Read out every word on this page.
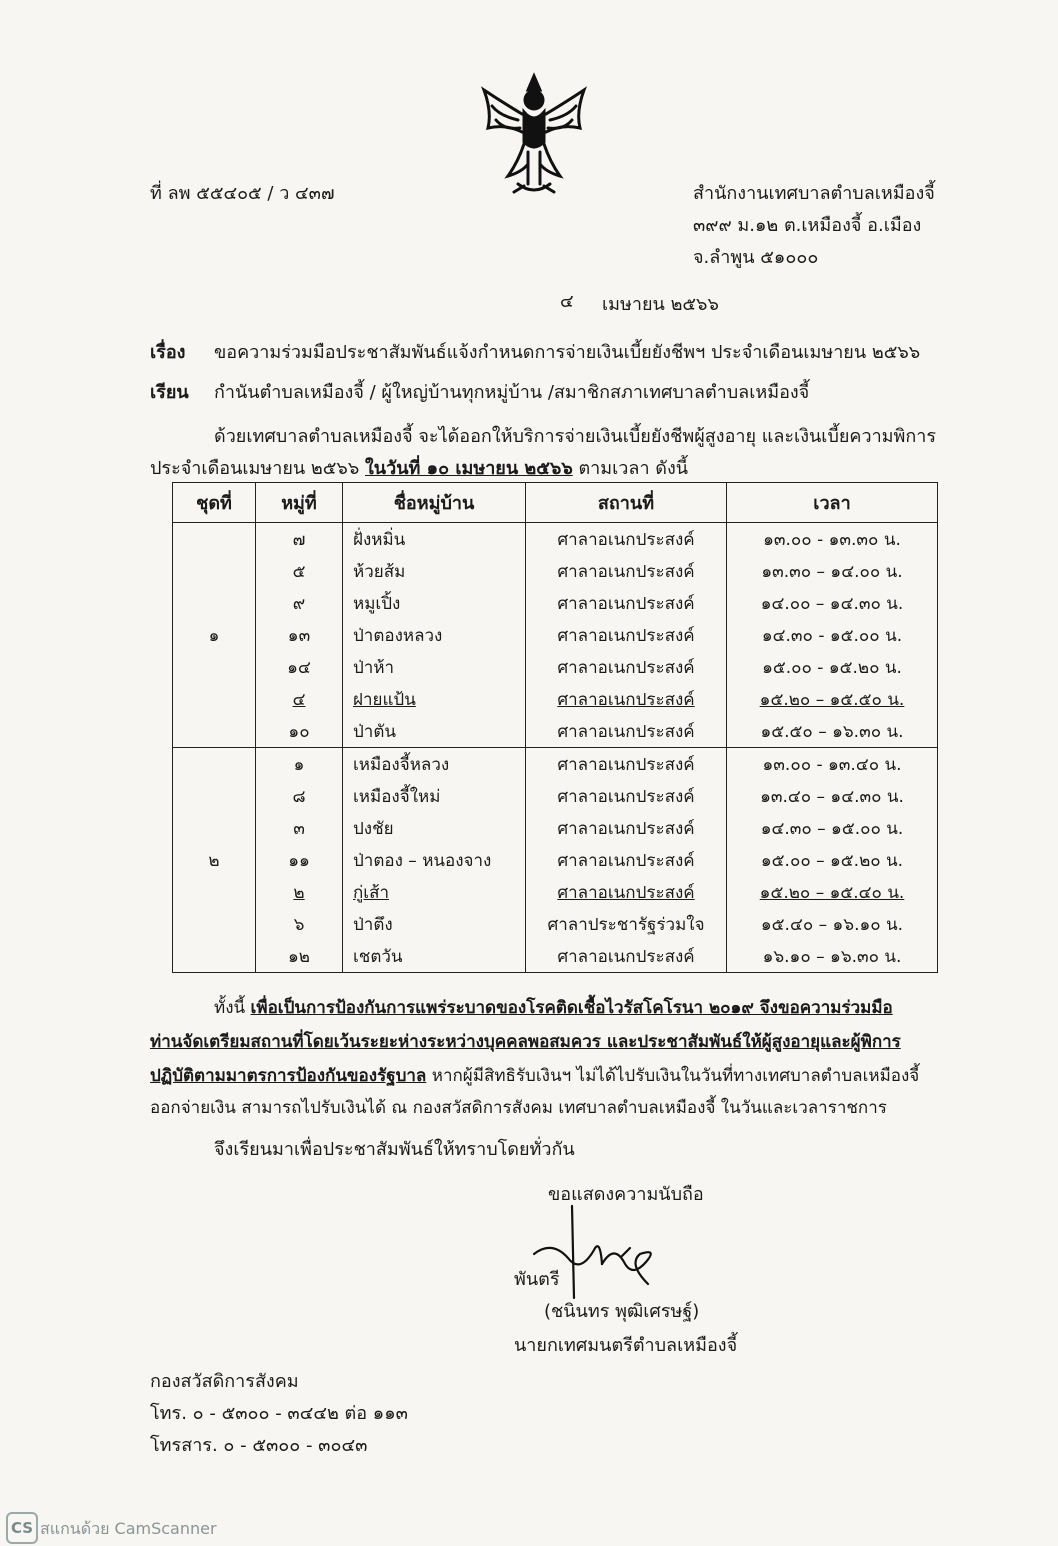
ที่ ลพ ๕๕๔๐๕ / ว ๔๓๗	สำนักงานเทศบาลตำบลเหมืองจี้
๓๙๙ ม.๑๒ ต.เหมืองจี้ อ.เมือง
จ.ลำพูน ๕๑๐๐๐
๔ เมษายน ๒๕๖๖
เรื่อง ขอความร่วมมือประชาสัมพันธ์แจ้งกำหนดการจ่ายเงินเบี้ยยังชีพฯ ประจำเดือนเมษายน ๒๕๖๖
เรียน กำนันตำบลเหมืองจี้ / ผู้ใหญ่บ้านทุกหมู่บ้าน /สมาชิกสภาเทศบาลตำบลเหมืองจี้
ด้วยเทศบาลตำบลเหมืองจี้ จะได้ออกให้บริการจ่ายเงินเบี้ยยังชีพผู้สูงอายุ และเงินเบี้ยความพิการ
ประจำเดือนเมษายน ๒๕๖๖ ในวันที่ ๑๐ เมษายน ๒๕๖๖ ตามเวลา ดังนี้
ชุดที่	หมู่ที่	ชื่อหมู่บ้าน	สถานที่	เวลา
๑	๗	ฝั่งหมิ่น	ศาลาอเนกประสงค์	๑๓.๐๐ - ๑๓.๓๐ น.
	๕	ห้วยส้ม	ศาลาอเนกประสงค์	๑๓.๓๐ – ๑๔.๐๐ น.
	๙	หมูเปิ้ง	ศาลาอเนกประสงค์	๑๔.๐๐ – ๑๔.๓๐ น.
	๑๓	ป่าตองหลวง	ศาลาอเนกประสงค์	๑๔.๓๐ - ๑๕.๐๐ น.
	๑๔	ป่าห้า	ศาลาอเนกประสงค์	๑๕.๐๐ - ๑๕.๒๐ น.
	๔	ฝายแป้น	ศาลาอเนกประสงค์	๑๕.๒๐ – ๑๕.๕๐ น.
	๑๐	ป่าตัน	ศาลาอเนกประสงค์	๑๕.๕๐ – ๑๖.๓๐ น.
๒	๑	เหมืองจี้หลวง	ศาลาอเนกประสงค์	๑๓.๐๐ - ๑๓.๔๐ น.
	๘	เหมืองจี้ใหม่	ศาลาอเนกประสงค์	๑๓.๔๐ – ๑๔.๓๐ น.
	๓	ปงชัย	ศาลาอเนกประสงค์	๑๔.๓๐ – ๑๕.๐๐ น.
	๑๑	ป่าตอง – หนองจาง	ศาลาอเนกประสงค์	๑๕.๐๐ – ๑๕.๒๐ น.
	๒	กู่เส้า	ศาลาอเนกประสงค์	๑๕.๒๐ – ๑๕.๔๐ น.
	๖	ป่าตึง	ศาลาประชารัฐร่วมใจ	๑๕.๔๐ – ๑๖.๑๐ น.
	๑๒	เชตวัน	ศาลาอเนกประสงค์	๑๖.๑๐ – ๑๖.๓๐ น.
ทั้งนี้ เพื่อเป็นการป้องกันการแพร่ระบาดของโรคติดเชื้อไวรัสโคโรนา ๒๐๑๙ จึงขอความร่วมมือ
ท่านจัดเตรียมสถานที่โดยเว้นระยะห่างระหว่างบุคคลพอสมควร และประชาสัมพันธ์ให้ผู้สูงอายุและผู้พิการ
ปฏิบัติตามมาตรการป้องกันของรัฐบาล หากผู้มีสิทธิรับเงินฯ ไม่ได้ไปรับเงินในวันที่ทางเทศบาลตำบลเหมืองจี้
ออกจ่ายเงิน สามารถไปรับเงินได้ ณ กองสวัสดิการสังคม เทศบาลตำบลเหมืองจี้ ในวันและเวลาราชการ
จึงเรียนมาเพื่อประชาสัมพันธ์ให้ทราบโดยทั่วกัน
ขอแสดงความนับถือ
พันตรี
(ชนินทร พุฒิเศรษฐ์)
นายกเทศมนตรีตำบลเหมืองจี้
กองสวัสดิการสังคม
โทร. ๐ - ๕๓๐๐ - ๓๔๔๒ ต่อ ๑๑๓
โทรสาร. ๐ - ๕๓๐๐ - ๓๐๔๓
CS สแกนด้วย CamScanner
